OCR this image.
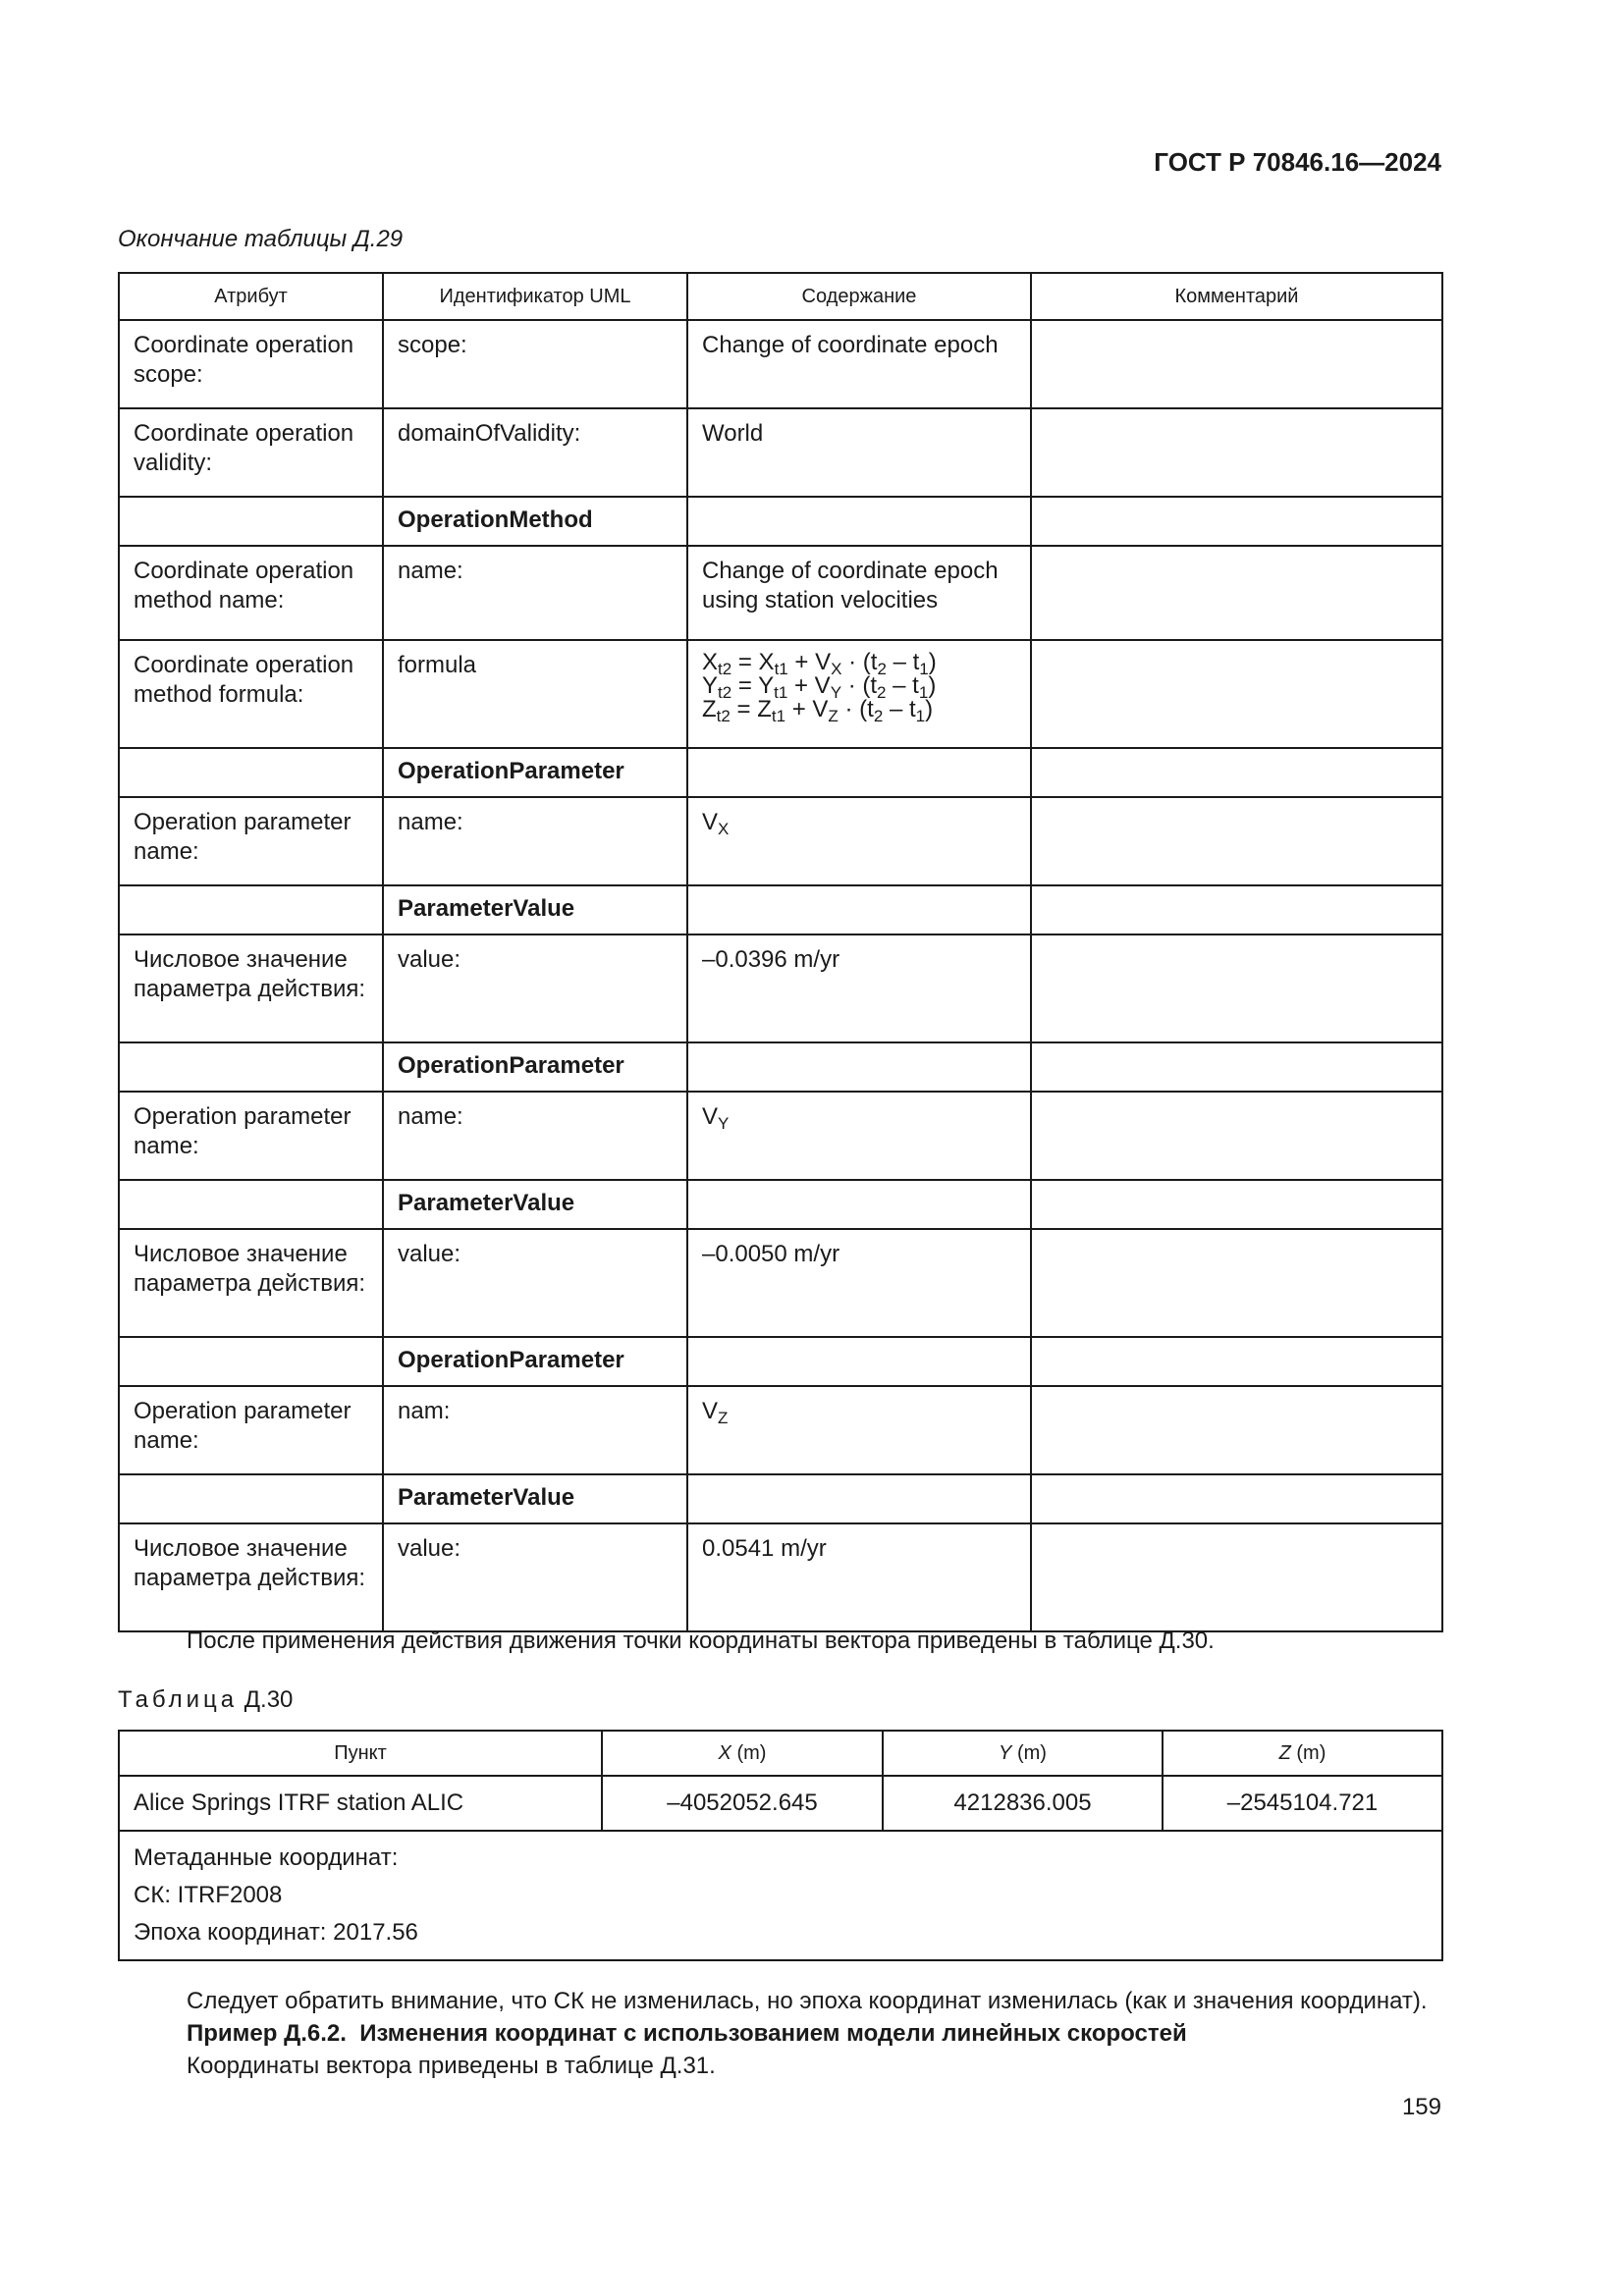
ГОСТ Р 70846.16—2024
Окончание таблицы Д.29
Атрибут	Идентификатор UML	Содержание	Комментарий
Coordinate operation scope:	scope:	Change of coordinate epoch	
Coordinate operation validity:	domainOfValidity:	World	
	OperationMethod		
Coordinate operation method name:	name:	Change of coordinate epoch using station velocities	
Coordinate operation method formula:	formula	$X_{t2} = X_{t1} + V_X \cdot (t_2 - t_1)$
$Y_{t2} = Y_{t1} + V_Y \cdot (t_2 - t_1)$
$Z_{t2} = Z_{t1} + V_Z \cdot (t_2 - t_1)$	

	OperationParameter		
Operation parameter name:	name:	$V_X$	
	ParameterValue		
Числовое значение параметра действия:	value:	–0.0396 m/yr	
	OperationParameter		
Operation parameter name:	name:	$V_Y$	
	ParameterValue		
Числовое значение параметра действия:	value:	–0.0050 m/yr	
	OperationParameter		
Operation parameter name:	nam:	$V_Z$	
	ParameterValue		
Числовое значение параметра действия:	value:	0.0541 m/yr	
После применения действия движения точки координаты вектора приведены в таблице Д.30.
Таблица Д.30
Пункт	X (m)	Y (m)	Z (m)
Alice Springs ITRF station ALIC	–4052052.645	4212836.005	–2545104.721

Метаданные координат:
СК: ITRF2008
Эпоха координат: 2017.56			
Следует обратить внимание, что СК не изменилась, но эпоха координат изменилась (как и значения координат).
Пример Д.6.2.  Изменения координат с использованием модели линейных скоростей
Координаты вектора приведены в таблице Д.31.
159
